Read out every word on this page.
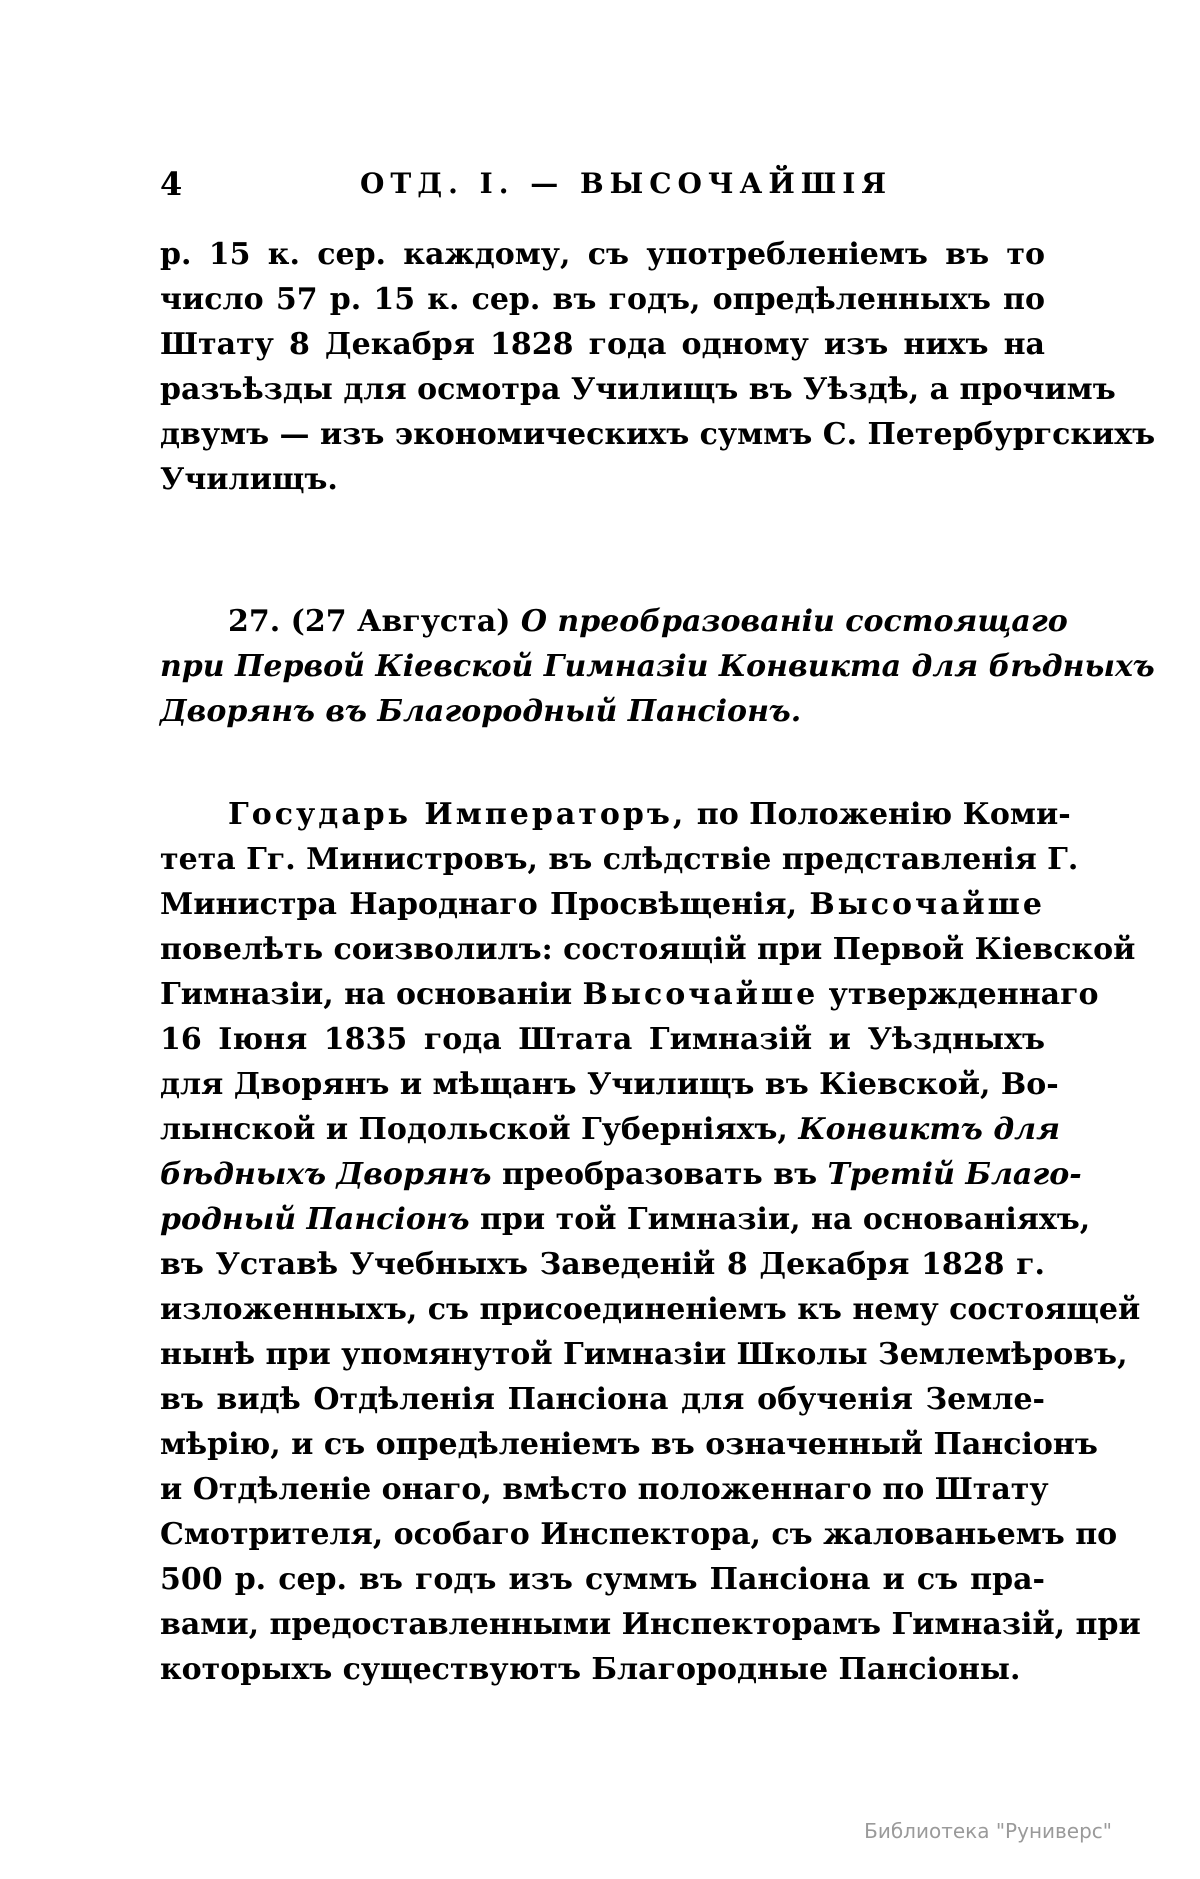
4	ОТД. I. — ВЫСОЧАЙШІЯ
р. 15 к. сер. каждому, съ употребленіемъ въ то
число 57 р. 15 к. сер. въ годъ, опредѣленныхъ по
Штату 8 Декабря 1828 года одному изъ нихъ на
разъѣзды для осмотра Училищъ въ Уѣздѣ, а прочимъ
двумъ — изъ экономическихъ суммъ С. Петербургскихъ
Училищъ.
27. (27 Августа) О преобразованіи состоящаго
при Первой Кіевской Гимназіи Конвикта для бѣдныхъ
Дворянъ въ Благородный Пансіонъ.
Государь Императоръ, по Положенію Коми-
тета Гг. Министровъ, въ слѣдствіе представленія Г.
Министра Народнаго Просвѣщенія, Высочайше
повелѣть соизволилъ: состоящій при Первой Кіевской
Гимназіи, на основаніи Высочайше утвержденнаго
16 Іюня 1835 года Штата Гимназій и Уѣздныхъ
для Дворянъ и мѣщанъ Училищъ въ Кіевской, Во-
лынской и Подольской Губерніяхъ, Конвиктъ для
бѣдныхъ Дворянъ преобразовать въ Третій Благо-
родный Пансіонъ при той Гимназіи, на основаніяхъ,
въ Уставѣ Учебныхъ Заведеній 8 Декабря 1828 г.
изложенныхъ, съ присоединеніемъ къ нему состоящей
нынѣ при упомянутой Гимназіи Школы Землемѣровъ,
въ видѣ Отдѣленія Пансіона для обученія Земле-
мѣрію, и съ опредѣленіемъ въ означенный Пансіонъ
и Отдѣленіе онаго, вмѣсто положеннаго по Штату
Смотрителя, особаго Инспектора, съ жалованьемъ по
500 р. сер. въ годъ изъ суммъ Пансіона и съ пра-
вами, предоставленными Инспекторамъ Гимназій, при
которыхъ существуютъ Благородные Пансіоны.
Библиотека "Руниверс"
